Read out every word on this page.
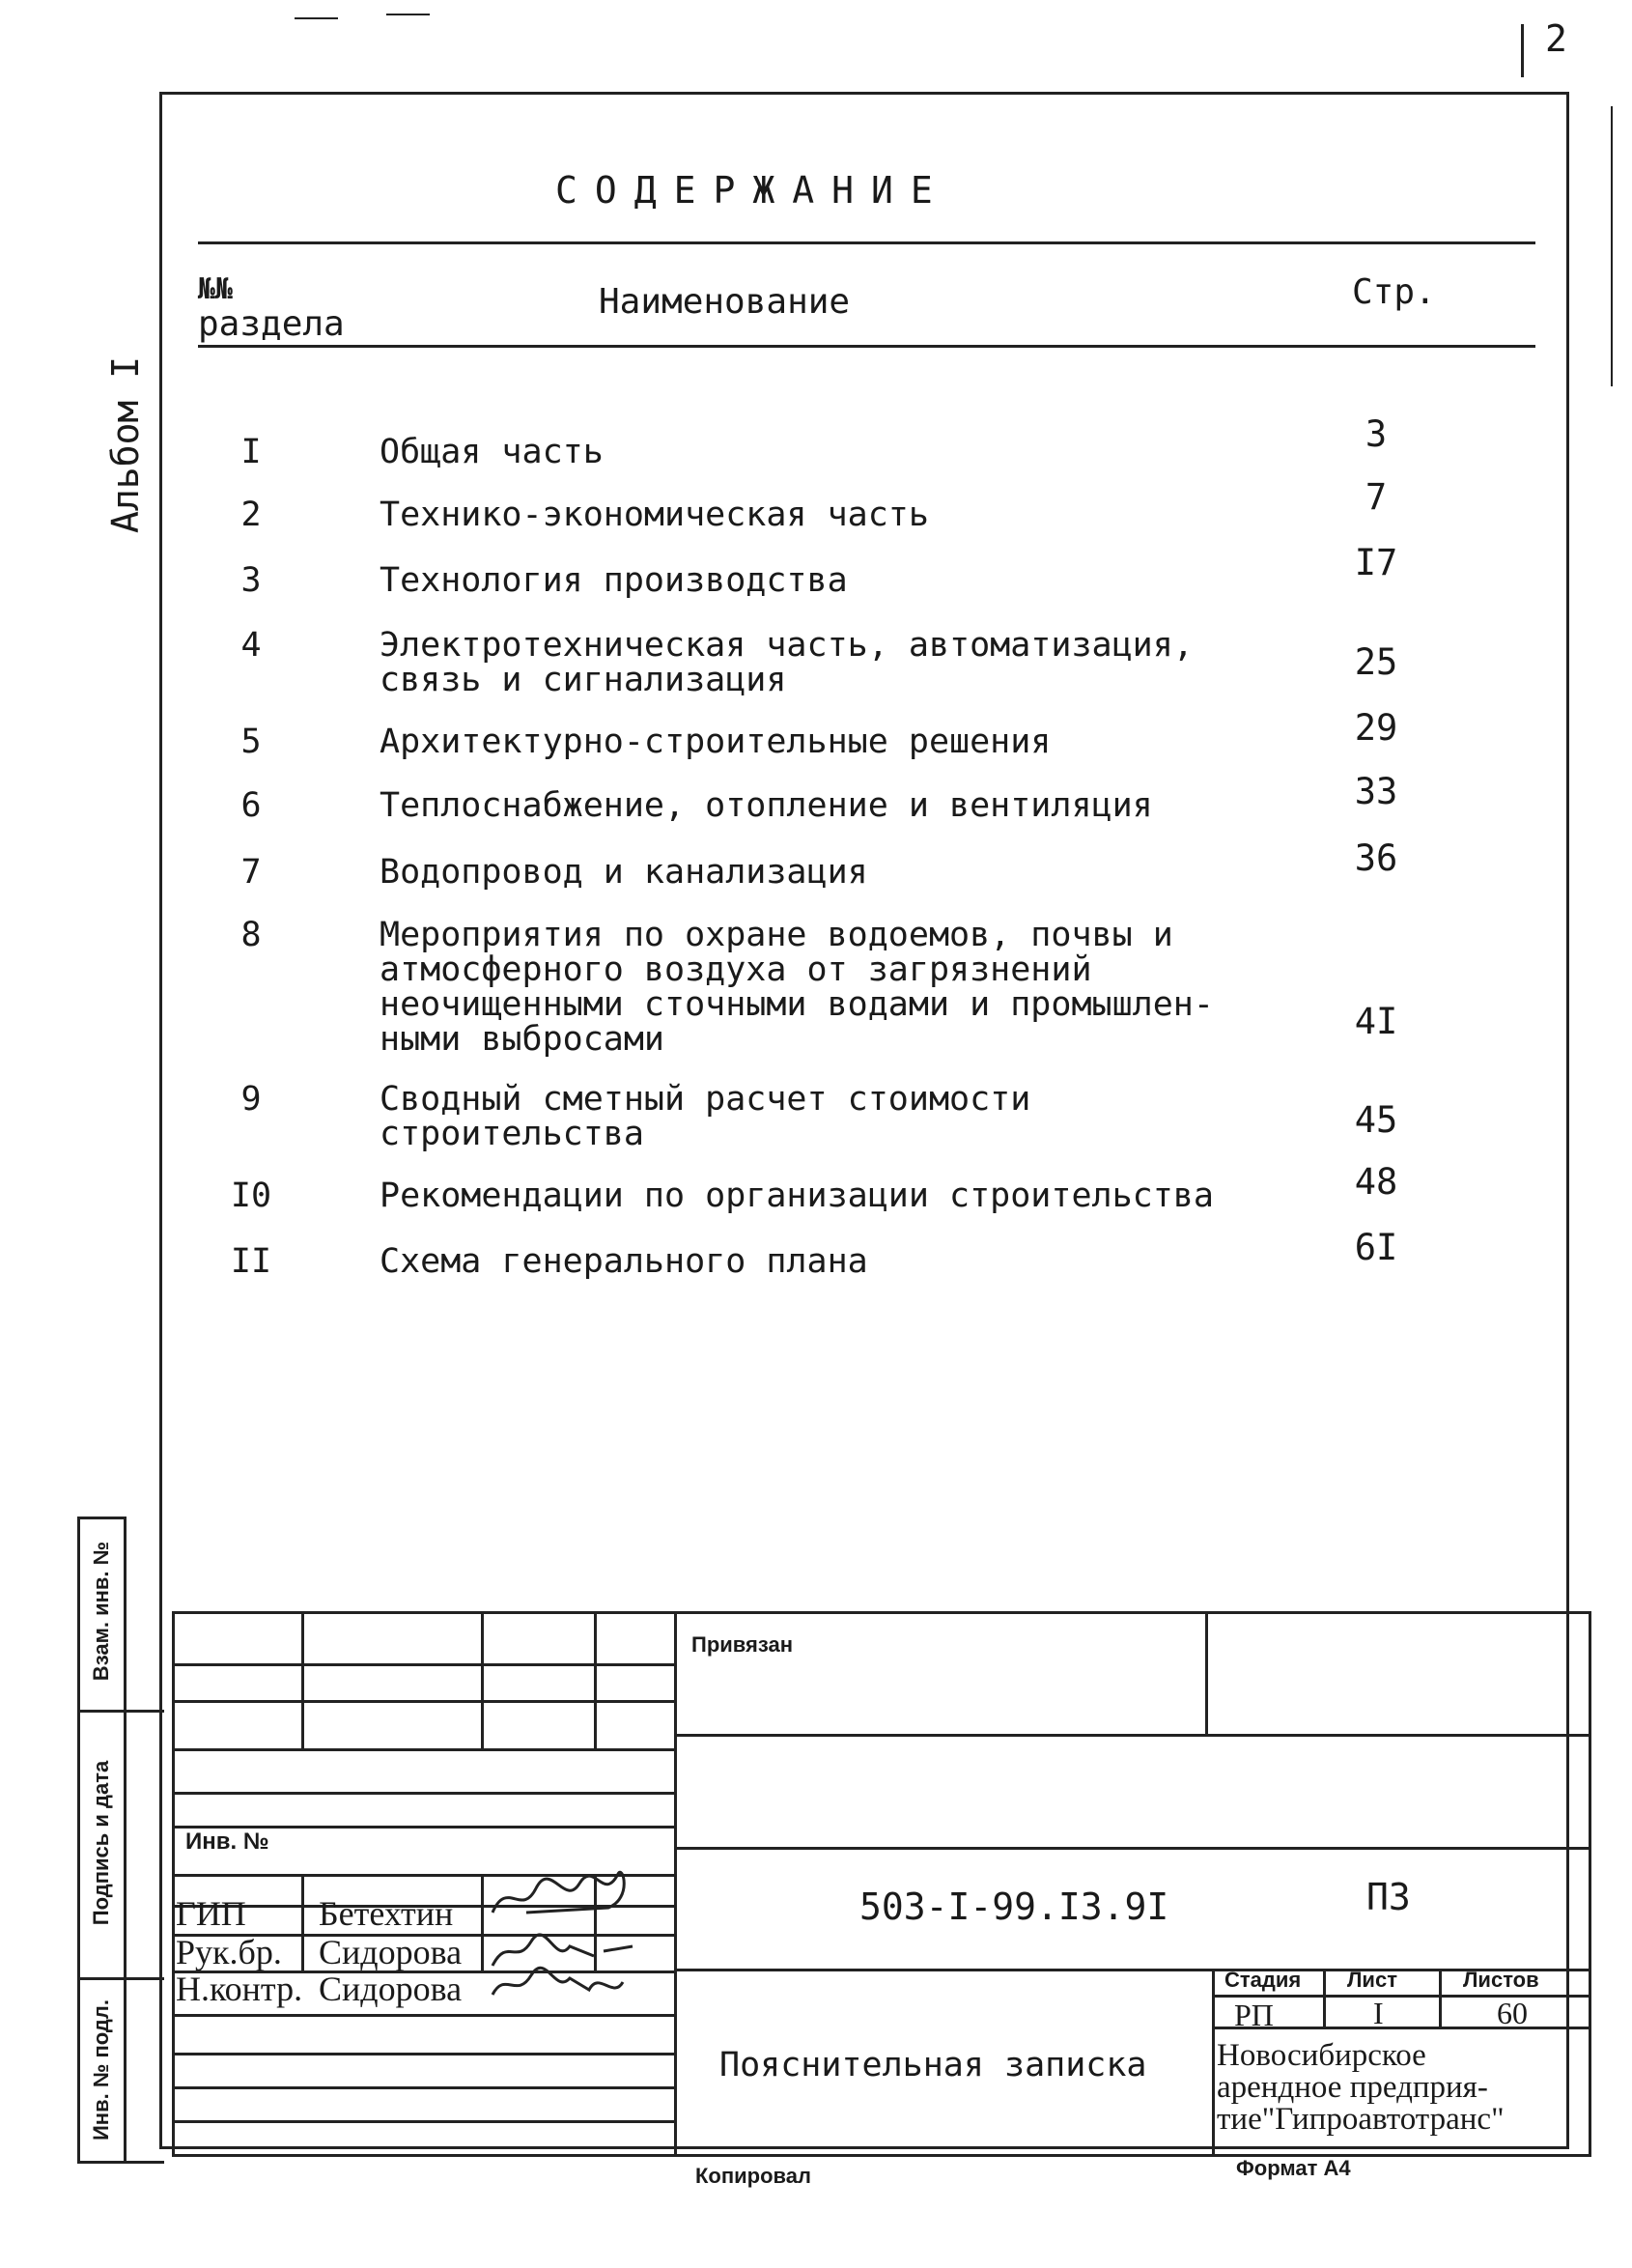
2
Альбом I
СОДЕРЖАНИЕ
№№
раздела
Наименование	Стр.
I	Общая часть	3
2	Технико-экономическая часть	7
3	Технология производства	I7
4	Электротехническая часть, автоматизация,
связь и сигнализация	25
5	Архитектурно-строительные решения	29
6	Теплоснабжение, отопление и вентиляция	33
7	Водопровод и канализация	36
8	Мероприятия по охране водоемов, почвы и
атмосферного воздуха от загрязнений
неочищенными сточными водами и промышлен-
ными выбросами	4I
9	Сводный сметный расчет стоимости
строительства	45
I0	Рекомендации по организации строительства	48
II	Схема генерального плана	6I
Взам. инв. №
Подпись и дата
Инв. № подл.
Привязан
Инв. №
ГИП Бетехтин
Рук.бр. Сидорова
Н.контр. Сидорова
503-I-99.I3.9I	ПЗ
Пояснительная записка
Стадия Лист	Листов
РП	I	60
Новосибирское
арендное предприя-
тие"Гипроавтотранс"
Копировал	Формат А4
